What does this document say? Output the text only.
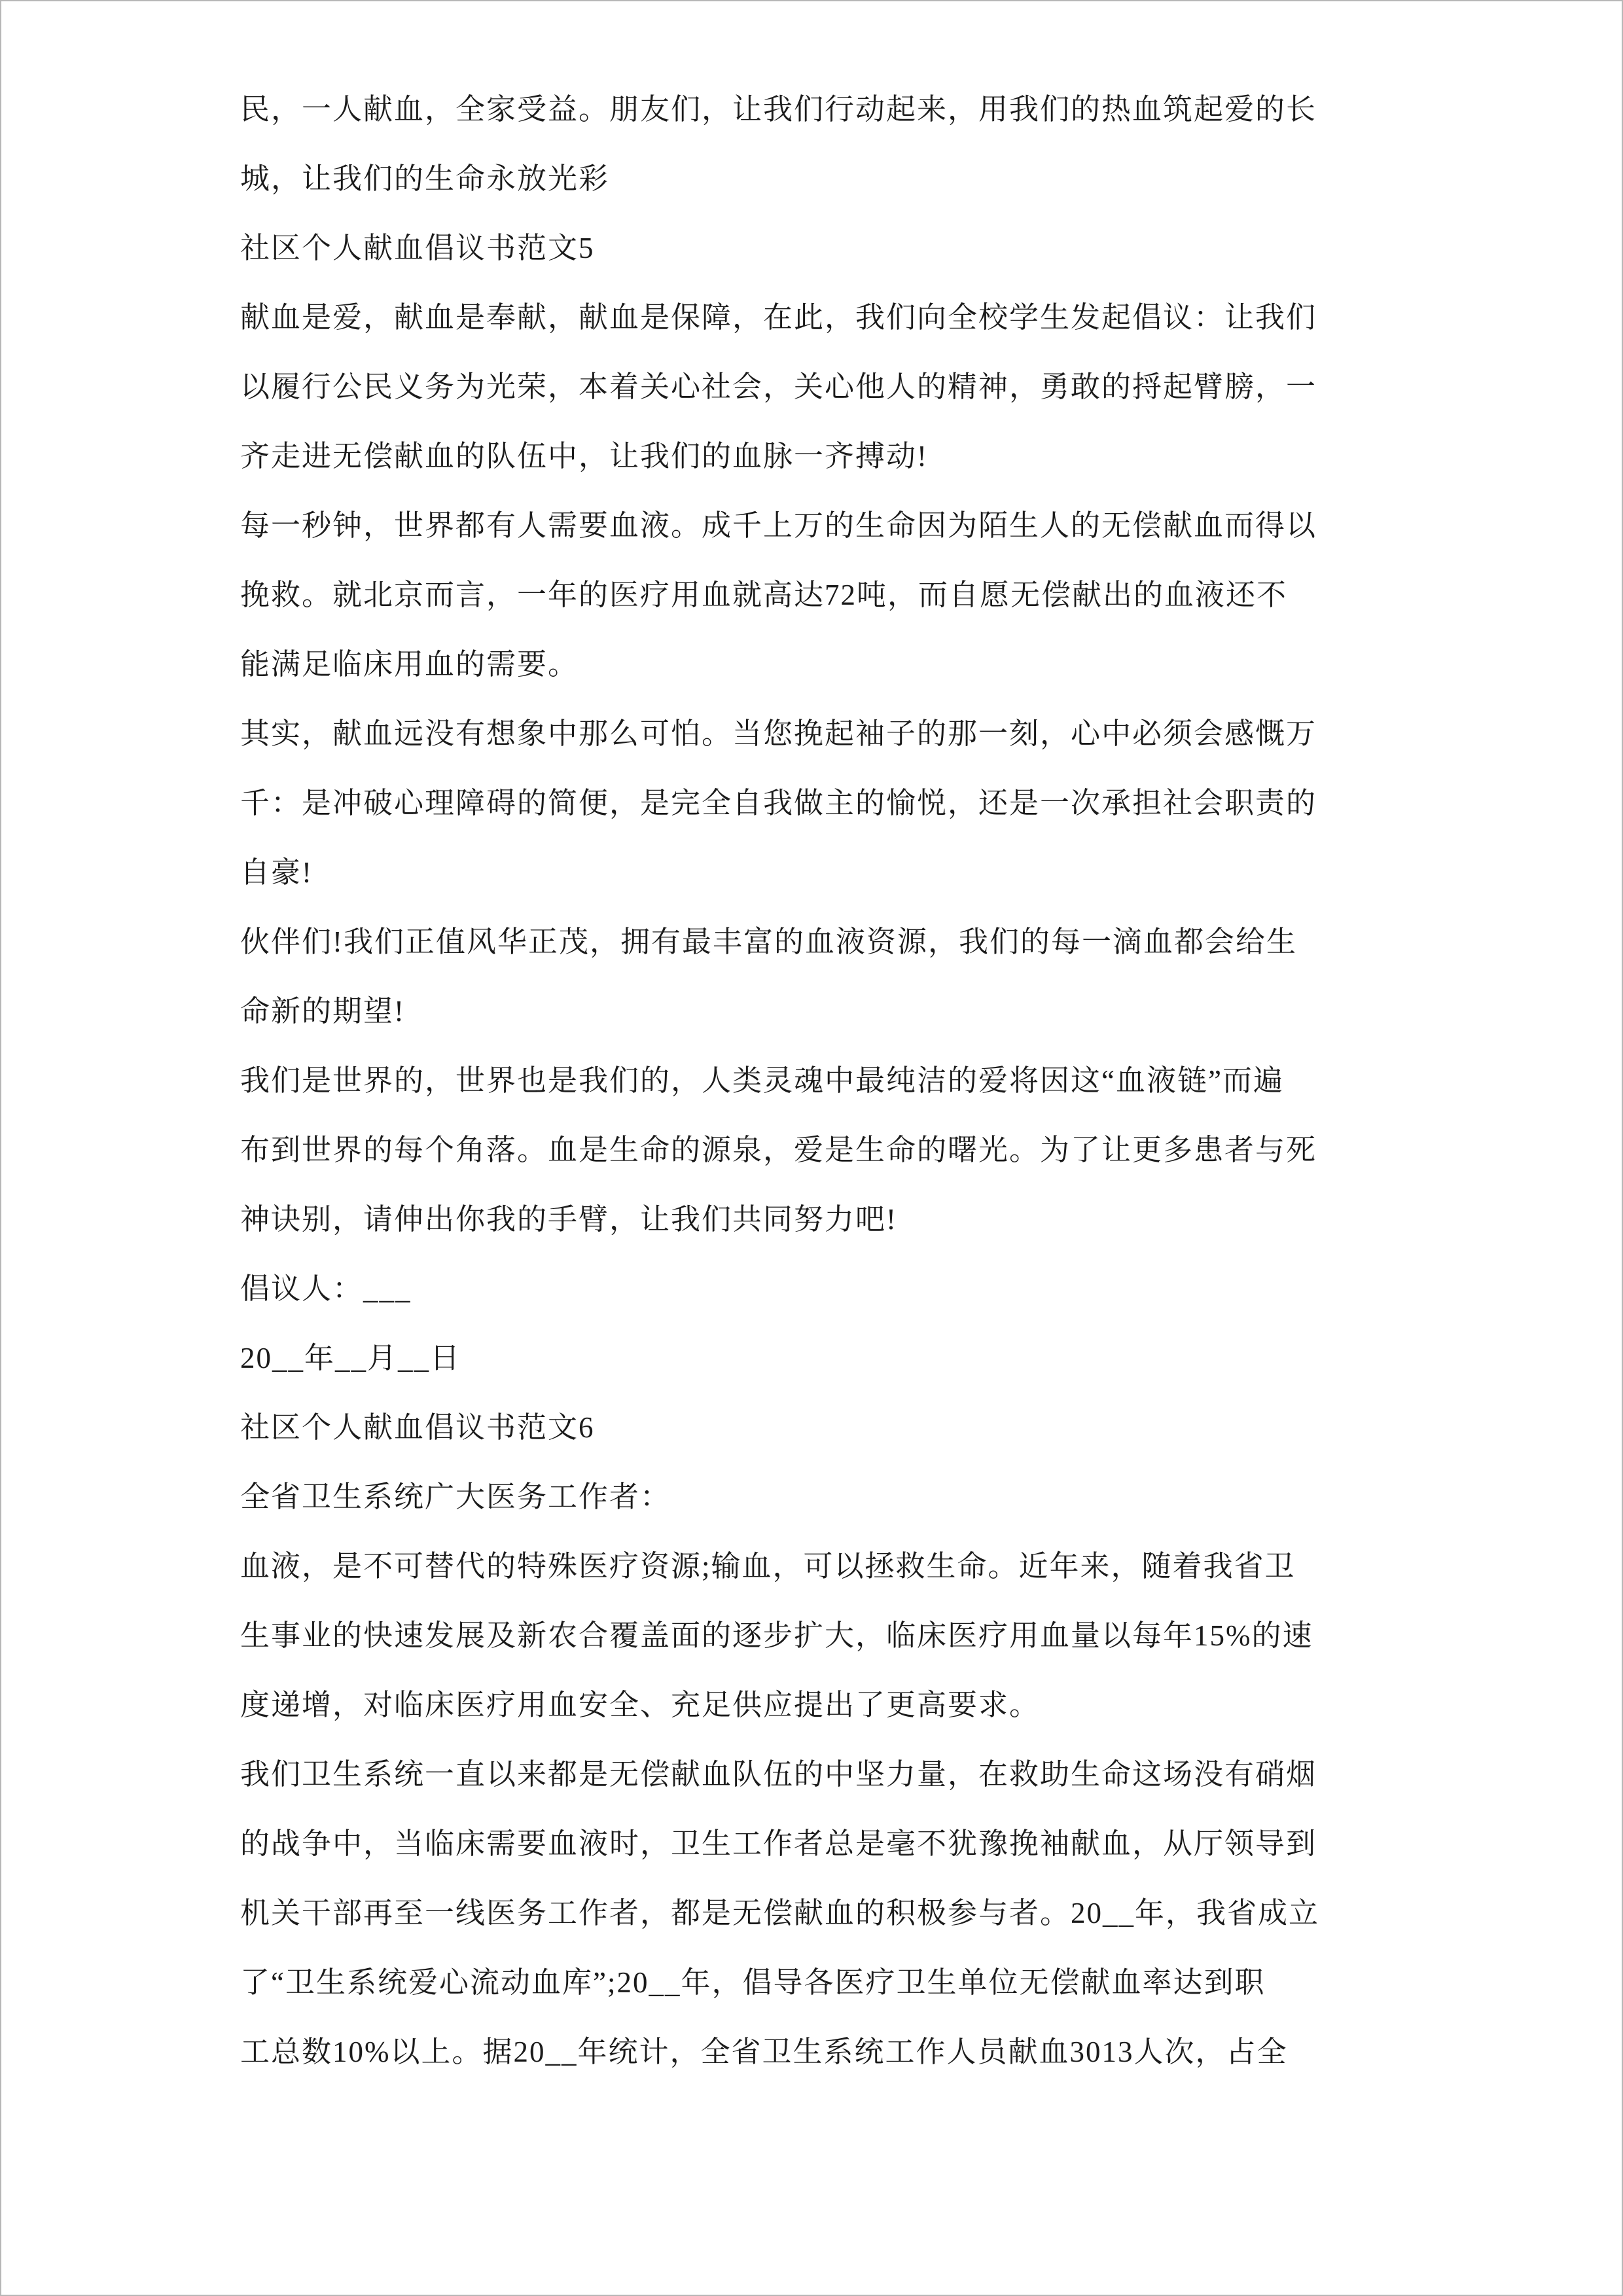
民，一人献血，全家受益。朋友们，让我们行动起来，用我们的热血筑起爱的长
城，让我们的生命永放光彩
社区个人献血倡议书范文5
献血是爱，献血是奉献，献血是保障，在此，我们向全校学生发起倡议：让我们
以履行公民义务为光荣，本着关心社会，关心他人的精神，勇敢的捋起臂膀，一
齐走进无偿献血的队伍中，让我们的血脉一齐搏动!
每一秒钟，世界都有人需要血液。成千上万的生命因为陌生人的无偿献血而得以
挽救。就北京而言，一年的医疗用血就高达72吨，而自愿无偿献出的血液还不
能满足临床用血的需要。
其实，献血远没有想象中那么可怕。当您挽起袖子的那一刻，心中必须会感慨万
千：是冲破心理障碍的简便，是完全自我做主的愉悦，还是一次承担社会职责的
自豪!
伙伴们!我们正值风华正茂，拥有最丰富的血液资源，我们的每一滴血都会给生
命新的期望!
我们是世界的，世界也是我们的，人类灵魂中最纯洁的爱将因这“血液链”而遍
布到世界的每个角落。血是生命的源泉，爱是生命的曙光。为了让更多患者与死
神诀别，请伸出你我的手臂，让我们共同努力吧!
倡议人：___
20__年__月__日
社区个人献血倡议书范文6
全省卫生系统广大医务工作者：
血液，是不可替代的特殊医疗资源;输血，可以拯救生命。近年来，随着我省卫
生事业的快速发展及新农合覆盖面的逐步扩大，临床医疗用血量以每年15%的速
度递增，对临床医疗用血安全、充足供应提出了更高要求。
我们卫生系统一直以来都是无偿献血队伍的中坚力量，在救助生命这场没有硝烟
的战争中，当临床需要血液时，卫生工作者总是毫不犹豫挽袖献血，从厅领导到
机关干部再至一线医务工作者，都是无偿献血的积极参与者。20__年，我省成立
了“卫生系统爱心流动血库”;20__年，倡导各医疗卫生单位无偿献血率达到职
工总数10%以上。据20__年统计，全省卫生系统工作人员献血3013人次，占全
